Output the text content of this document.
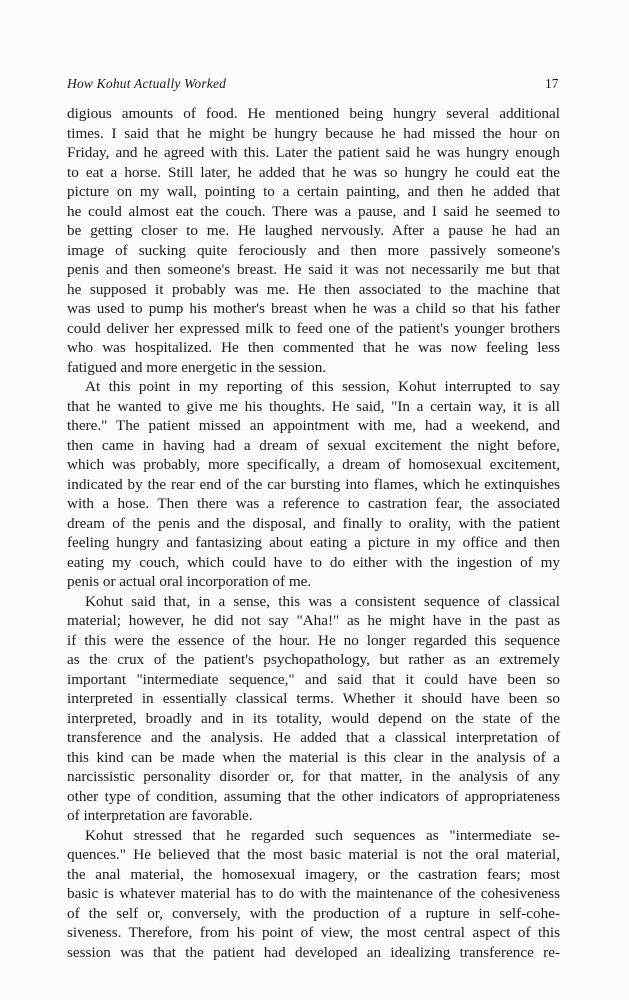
How Kohut Actually Worked	17
digious amounts of food. He mentioned being hungry several additional
times. I said that he might be hungry because he had missed the hour on
Friday, and he agreed with this. Later the patient said he was hungry enough
to eat a horse. Still later, he added that he was so hungry he could eat the
picture on my wall, pointing to a certain painting, and then he added that
he could almost eat the couch. There was a pause, and I said he seemed to
be getting closer to me. He laughed nervously. After a pause he had an
image of sucking quite ferociously and then more passively someone's
penis and then someone's breast. He said it was not necessarily me but that
he supposed it probably was me. He then associated to the machine that
was used to pump his mother's breast when he was a child so that his father
could deliver her expressed milk to feed one of the patient's younger brothers
who was hospitalized. He then commented that he was now feeling less
fatigued and more energetic in the session.
At this point in my reporting of this session, Kohut interrupted to say
that he wanted to give me his thoughts. He said, "In a certain way, it is all
there." The patient missed an appointment with me, had a weekend, and
then came in having had a dream of sexual excitement the night before,
which was probably, more specifically, a dream of homosexual excitement,
indicated by the rear end of the car bursting into flames, which he extinquishes
with a hose. Then there was a reference to castration fear, the associated
dream of the penis and the disposal, and finally to orality, with the patient
feeling hungry and fantasizing about eating a picture in my office and then
eating my couch, which could have to do either with the ingestion of my
penis or actual oral incorporation of me.
Kohut said that, in a sense, this was a consistent sequence of classical
material; however, he did not say "Aha!" as he might have in the past as
if this were the essence of the hour. He no longer regarded this sequence
as the crux of the patient's psychopathology, but rather as an extremely
important "intermediate sequence," and said that it could have been so
interpreted in essentially classical terms. Whether it should have been so
interpreted, broadly and in its totality, would depend on the state of the
transference and the analysis. He added that a classical interpretation of
this kind can be made when the material is this clear in the analysis of a
narcissistic personality disorder or, for that matter, in the analysis of any
other type of condition, assuming that the other indicators of appropriateness
of interpretation are favorable.
Kohut stressed that he regarded such sequences as "intermediate se-
quences." He believed that the most basic material is not the oral material,
the anal material, the homosexual imagery, or the castration fears; most
basic is whatever material has to do with the maintenance of the cohesiveness
of the self or, conversely, with the production of a rupture in self-cohe-
siveness. Therefore, from his point of view, the most central aspect of this
session was that the patient had developed an idealizing transference re-
